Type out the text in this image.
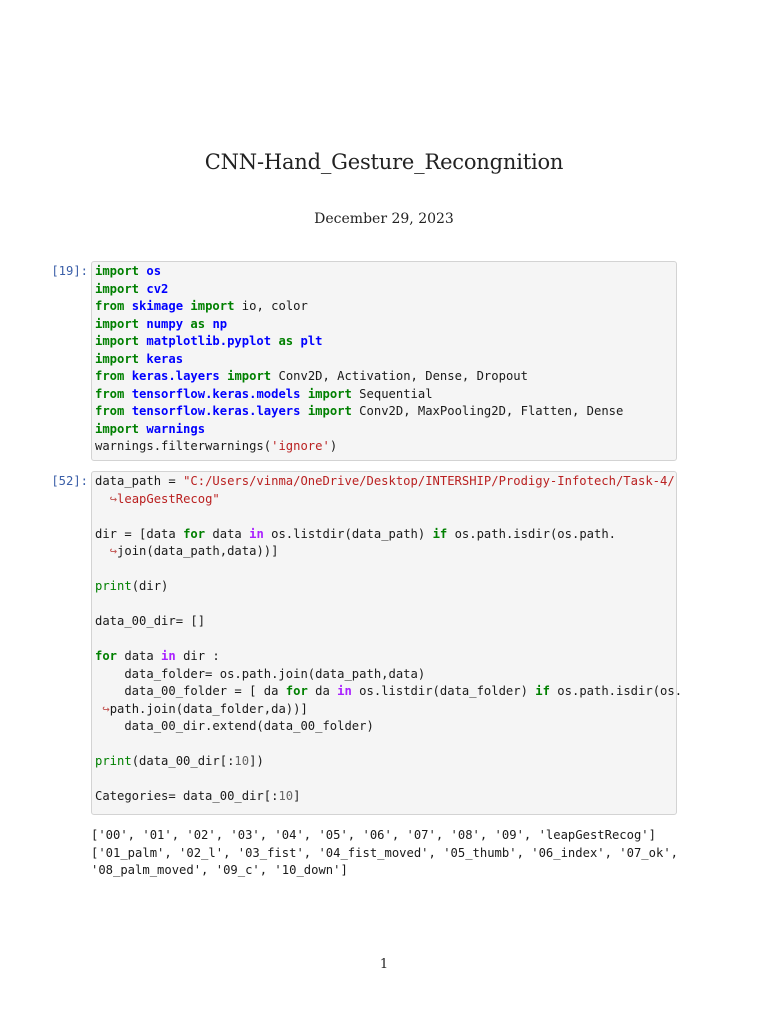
CNN-Hand_Gesture_Recongnition
December 29, 2023
[19]: import os
import cv2
from skimage import io, color
import numpy as np
import matplotlib.pyplot as plt
import keras
from keras.layers import Conv2D, Activation, Dense, Dropout
from tensorflow.keras.models import Sequential
from tensorflow.keras.layers import Conv2D, MaxPooling2D, Flatten, Dense
import warnings
warnings.filterwarnings('ignore')
[52]: data_path = "C:/Users/vinma/OneDrive/Desktop/INTERSHIP/Prodigy-Infotech/Task-4/
↪leapGestRecog"
dir = [data for data in os.listdir(data_path) if os.path.isdir(os.path.
↪join(data_path,data))]
print(dir)
data_00_dir= []
for data in dir :
data_folder= os.path.join(data_path,data)
data_00_folder = [ da for da in os.listdir(data_folder) if os.path.isdir(os.
↪path.join(data_folder,da))]
data_00_dir.extend(data_00_folder)
print(data_00_dir[:10])
Categories= data_00_dir[:10]
['00', '01', '02', '03', '04', '05', '06', '07', '08', '09', 'leapGestRecog']
['01_palm', '02_l', '03_fist', '04_fist_moved', '05_thumb', '06_index', '07_ok',
'08_palm_moved', '09_c', '10_down']
1
